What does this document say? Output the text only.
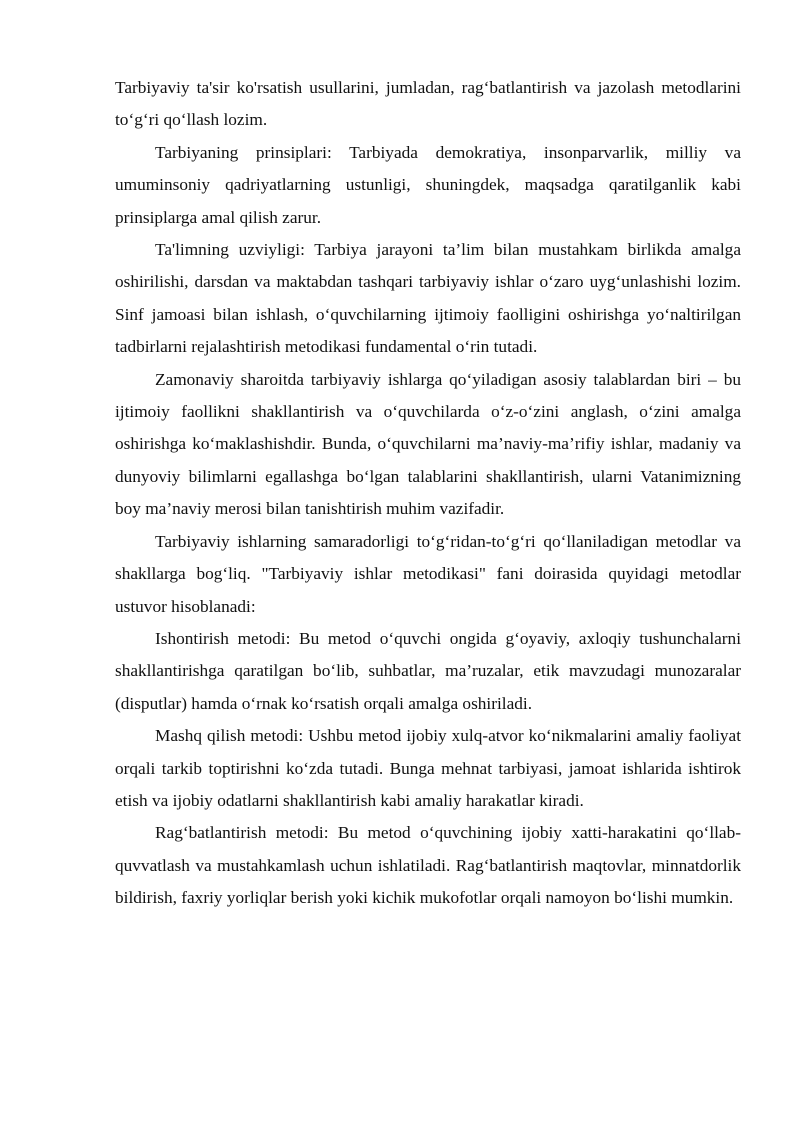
Tarbiyaviy ta'sir ko'rsatish usullarini, jumladan, rag‘batlantirish va jazolash metodlarini to‘g‘ri qo‘llash lozim.

Tarbiyaning prinsiplari: Tarbiyada demokratiya, insonparvarlik, milliy va umuminsoniy qadriyatlarning ustunligi, shuningdek, maqsadga qaratilganlik kabi prinsiplarga amal qilish zarur.

Ta'limning uzviyligi: Tarbiya jarayoni ta’lim bilan mustahkam birlikda amalga oshirilishi, darsdan va maktabdan tashqari tarbiyaviy ishlar o‘zaro uyg‘unlashishi lozim. Sinf jamoasi bilan ishlash, o‘quvchilarning ijtimoiy faolligini oshirishga yo‘naltirilgan tadbirlarni rejalashtirish metodikasi fundamental o‘rin tutadi.

Zamonaviy sharoitda tarbiyaviy ishlarga qo‘yiladigan asosiy talablardan biri – bu ijtimoiy faollikni shakllantirish va o‘quvchilarda o‘z-o‘zini anglash, o‘zini amalga oshirishga ko‘maklashishdir. Bunda, o‘quvchilarni ma’naviy-ma’rifiy ishlar, madaniy va dunyoviy bilimlarni egallashga bo‘lgan talablarini shakllantirish, ularni Vatanimizning boy ma’naviy merosi bilan tanishtirish muhim vazifadir.

Tarbiyaviy ishlarning samaradorligi to‘g‘ridan-to‘g‘ri qo‘llaniladigan metodlar va shakllarga bog‘liq. "Tarbiyaviy ishlar metodikasi" fani doirasida quyidagi metodlar ustuvor hisoblanadi:

Ishontirish metodi: Bu metod o‘quvchi ongida g‘oyaviy, axloqiy tushunchalarni shakllantirishga qaratilgan bo‘lib, suhbatlar, ma’ruzalar, etik mavzudagi munozaralar (disputlar) hamda o‘rnak ko‘rsatish orqali amalga oshiriladi.

Mashq qilish metodi: Ushbu metod ijobiy xulq-atvor ko‘nikmalarini amaliy faoliyat orqali tarkib toptirishni ko‘zda tutadi. Bunga mehnat tarbiyasi, jamoat ishlarida ishtirok etish va ijobiy odatlarni shakllantirish kabi amaliy harakatlar kiradi.

Rag‘batlantirish metodi: Bu metod o‘quvchining ijobiy xatti-harakatini qo‘llab-quvvatlash va mustahkamlash uchun ishlatiladi. Rag‘batlantirish maqtovlar, minnatdorlik bildirish, faxriy yorliqlar berish yoki kichik mukofotlar orqali namoyon bo‘lishi mumkin.
